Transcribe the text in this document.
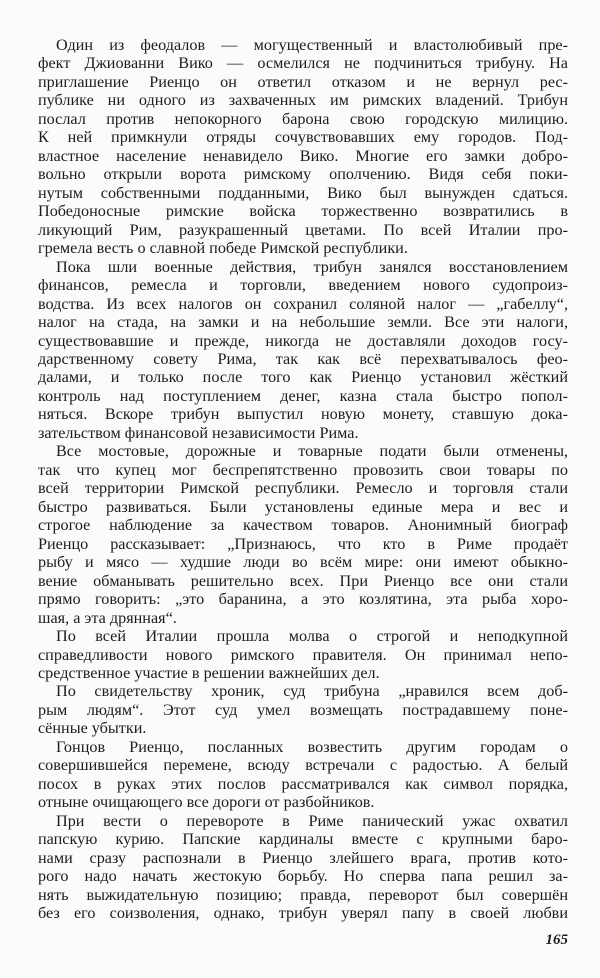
Один из феодалов — могущественный и властолюбивый пре-
фект Джиованни Вико — осмелился не подчиниться трибуну. На
приглашение Риенцо он ответил отказом и не вернул рес-
публике ни одного из захваченных им римских владений. Трибун
послал против непокорного барона свою городскую милицию.
К ней примкнули отряды сочувствовавших ему городов. Под-
властное население ненавидело Вико. Многие его замки добро-
вольно открыли ворота римскому ополчению. Видя себя поки-
нутым собственными подданными, Вико был вынужден сдаться.
Победоносные римские войска торжественно возвратились в
ликующий Рим, разукрашенный цветами. По всей Италии про-
гремела весть о славной победе Римской республики.
Пока шли военные действия, трибун занялся восстановлением
финансов, ремесла и торговли, введением нового судопроиз-
водства. Из всех налогов он сохранил соляной налог — „габеллу“,
налог на стада, на замки и на небольшие земли. Все эти налоги,
существовавшие и прежде, никогда не доставляли доходов госу-
дарственному совету Рима, так как всё перехватывалось фео-
далами, и только после того как Риенцо установил жёсткий
контроль над поступлением денег, казна стала быстро попол-
няться. Вскоре трибун выпустил новую монету, ставшую дока-
зательством финансовой независимости Рима.
Все мостовые, дорожные и товарные подати были отменены,
так что купец мог беспрепятственно провозить свои товары по
всей территории Римской республики. Ремесло и торговля стали
быстро развиваться. Были установлены единые мера и вес и
строгое наблюдение за качеством товаров. Анонимный биограф
Риенцо рассказывает: „Признаюсь, что кто в Риме продаёт
рыбу и мясо — худшие люди во всём мире: они имеют обыкно-
вение обманывать решительно всех. При Риенцо все они стали
прямо говорить: „это баранина, а это козлятина, эта рыба хоро-
шая, а эта дрянная“.
По всей Италии прошла молва о строгой и неподкупной
справедливости нового римского правителя. Он принимал непо-
средственное участие в решении важнейших дел.
По свидетельству хроник, суд трибуна „нравился всем доб-
рым людям“. Этот суд умел возмещать пострадавшему поне-
сённые убытки.
Гонцов Риенцо, посланных возвестить другим городам о
совершившейся перемене, всюду встречали с радостью. А белый
посох в руках этих послов рассматривался как символ порядка,
отныне очищающего все дороги от разбойников.
При вести о перевороте в Риме панический ужас охватил
папскую курию. Папские кардиналы вместе с крупными баро-
нами сразу распознали в Риенцо злейшего врага, против кото-
рого надо начать жестокую борьбу. Но сперва папа решил за-
нять выжидательную позицию; правда, переворот был совершён
без его соизволения, однако, трибун уверял папу в своей любви
165
